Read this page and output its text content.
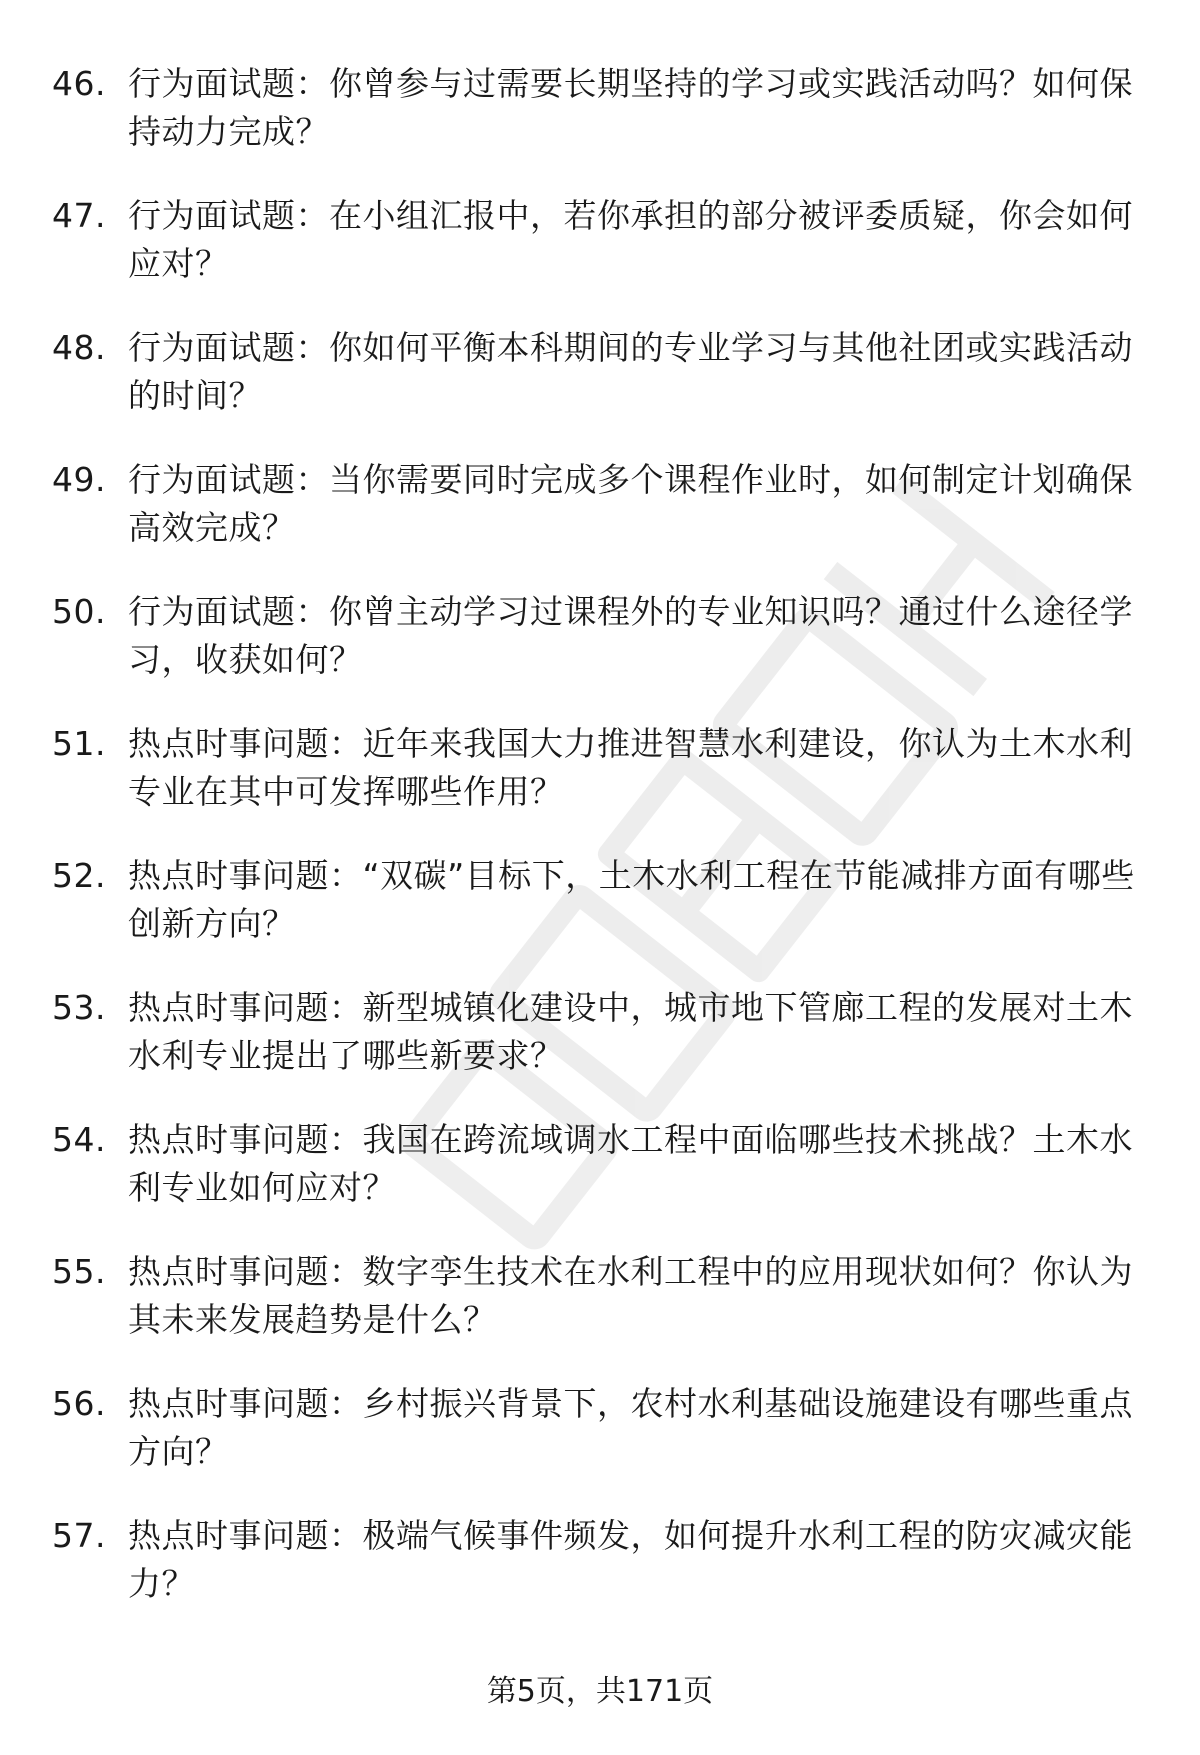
46. 行为面试题：你曾参与过需要长期坚持的学习或实践活动吗？如何保持动力完成？
47. 行为面试题：在小组汇报中，若你承担的部分被评委质疑，你会如何应对？
48. 行为面试题：你如何平衡本科期间的专业学习与其他社团或实践活动的时间？
49. 行为面试题：当你需要同时完成多个课程作业时，如何制定计划确保高效完成？
50. 行为面试题：你曾主动学习过课程外的专业知识吗？通过什么途径学习，收获如何？
51. 热点时事问题：近年来我国大力推进智慧水利建设，你认为土木水利专业在其中可发挥哪些作用？
52. 热点时事问题：“双碳”目标下，土木水利工程在节能减排方面有哪些创新方向？
53. 热点时事问题：新型城镇化建设中，城市地下管廊工程的发展对土木水利专业提出了哪些新要求？
54. 热点时事问题：我国在跨流域调水工程中面临哪些技术挑战？土木水利专业如何应对？
55. 热点时事问题：数字孪生技术在水利工程中的应用现状如何？你认为其未来发展趋势是什么？
56. 热点时事问题：乡村振兴背景下，农村水利基础设施建设有哪些重点方向？
57. 热点时事问题：极端气候事件频发，如何提升水利工程的防灾减灾能力？
第5页，共171页
